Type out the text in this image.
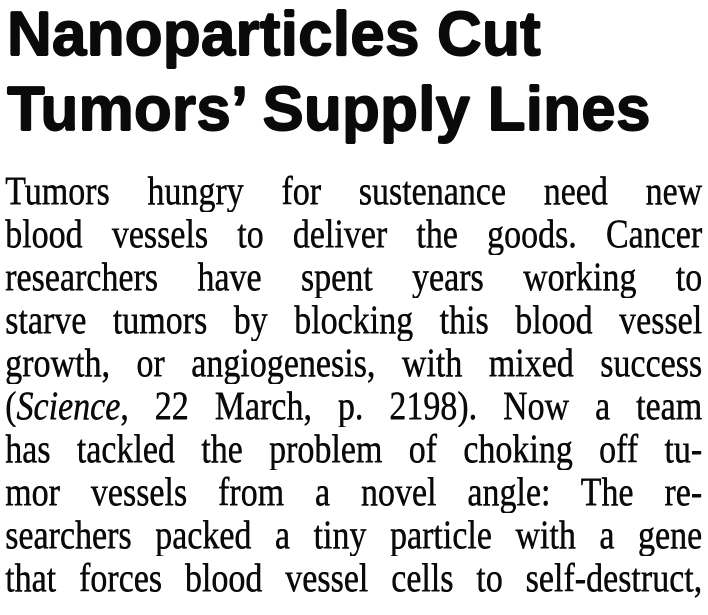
Nanoparticles Cut
Tumors’ Supply Lines
Tumors hungry for sustenance need new
blood vessels to deliver the goods. Cancer
researchers have spent years working to
starve tumors by blocking this blood vessel
growth, or angiogenesis, with mixed success
(Science, 22 March, p. 2198). Now a team
has tackled the problem of choking off tu-
mor vessels from a novel angle: The re-
searchers packed a tiny particle with a gene
that forces blood vessel cells to self-destruct,
